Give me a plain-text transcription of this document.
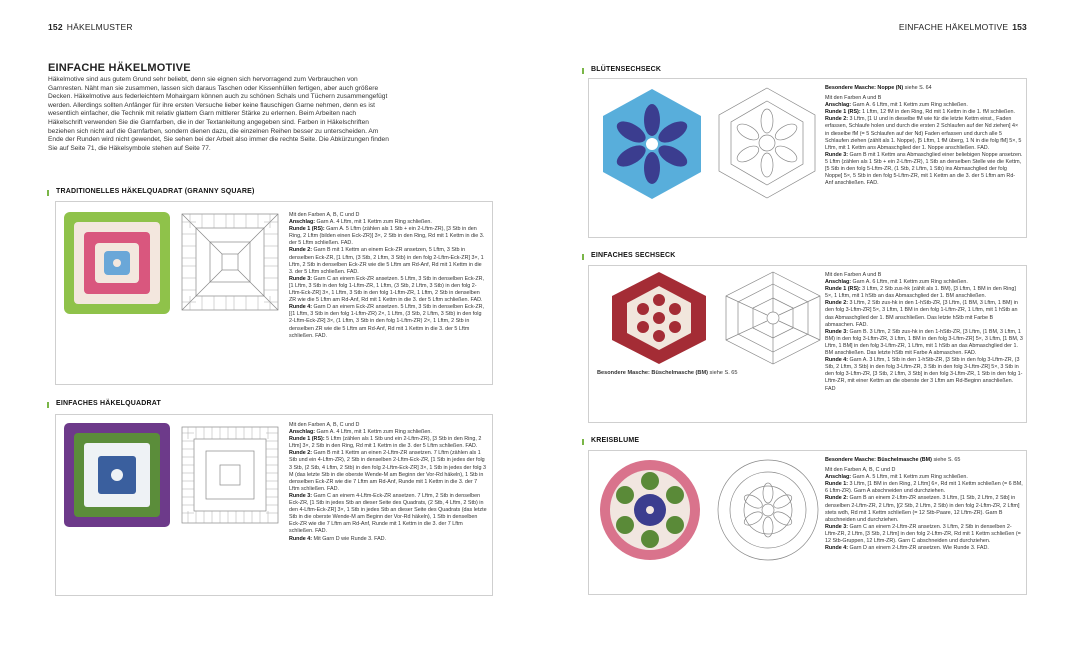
152 HÄKELMUSTER
EINFACHE HÄKELMOTIVE
Häkelmotive sind aus gutem Grund sehr beliebt, denn sie eignen sich hervorragend zum Verbrauchen von Garnresten. Näht man sie zusammen, lassen sich daraus Taschen oder Kissenhüllen fertigen, aber auch größere Decken. Häkelmotive aus federleichtem Mohairgarn können auch zu schönen Schals und Tüchern zusammengefügt werden. Allerdings sollten Anfänger für ihre ersten Versuche lieber keine flauschigen Garne nehmen, denn es ist wesentlich einfacher, die Technik mit relativ glattem Garn mittlerer Stärke zu erlernen. Beim Arbeiten nach Häkelschrift verwenden Sie die Garnfarben, die in der Textanleitung angegeben sind. Farben in Häkelschriften beziehen sich nicht auf die Garnfarben, sondern dienen dazu, die einzelnen Reihen besser zu unterscheiden. Am Ende der Runden wird nicht gewendet, Sie sehen bei der Arbeit also immer die rechte Seite. Die Abkürzungen finden Sie auf Seite 71, die Häkelsymbole stehen auf Seite 77.
TRADITIONELLES HÄKELQUADRAT (GRANNY SQUARE)

Mit den Farben A, B, C und D

Anschlag: Garn A. 4 Lftm, mit 1 Kettm zum Ring schließen.

Runde 1 (RS): Garn A. 5 Lftm (zählen als 1 Stb + ein 2-Lftm-ZR), [3 Stb in den Ring, 2 Lftm (bilden einen Eck-ZR)] 3×, 2 Stb in den Ring, Rd mit 1 Kettm in die 3. der 5 Lftm schließen. FAD.

Runde 2: Garn B mit 1 Kettm an einem Eck-ZR ansetzen, 5 Lftm, 3 Stb in denselben Eck-ZR, [1 Lftm, (3 Stb, 2 Lftm, 3 Stb) in den folg 2-Lftm-Eck-ZR] 3×, 1 Lftm, 2 Stb in denselben Eck-ZR wie die 5 Lftm am Rd-Anf, Rd mit 1 Kettm in die 3. der 5 Lftm schließen. FAD.

Runde 3: Garn C an einem Eck-ZR ansetzen. 5 Lftm, 3 Stb in denselben Eck-ZR, [1 Lftm, 3 Stb in den folg 1-Lftm-ZR, 1 Lftm, (3 Stb, 2 Lftm, 3 Stb) in den folg 2-Lftm-Eck-ZR] 3×, 1 Lftm, 3 Stb in den folg 1-Lftm-ZR, 1 Lftm, 2 Stb in denselben ZR wie die 5 Lftm am Rd-Anf, Rd mit 1 Kettm in die 3. der 5 Lftm schließen. FAD.

Runde 4: Garn D an einem Eck-ZR ansetzen. 5 Lftm, 3 Stb in denselben Eck-ZR, [(1 Lftm, 3 Stb in den folg 1-Lftm-ZR) 2×, 1 Lftm, (3 Stb, 2 Lftm, 3 Stb) in den folg 2-Lftm-Eck-ZR] 3×, (1 Lftm, 3 Stb in den folg 1-Lftm-ZR) 2×, 1 Lftm, 2 Stb in denselben ZR wie die 5 Lftm am Rd-Anf, Rd mit 1 Kettm in die 3. der 5 Lftm schließen. FAD.

EINFACHES HÄKELQUADRAT

Mit den Farben A, B, C und D

Anschlag: Garn A. 4 Lftm, mit 1 Kettm zum Ring schließen.

Runde 1 (RS): 5 Lftm (zählen als 1 Stb und ein 2-Lftm-ZR), [3 Stb in den Ring, 2 Lftm] 3×, 2 Stb in den Ring, Rd mit 1 Kettm in die 3. der 5 Lftm schließen. FAD.

Runde 2: Garn B mit 1 Kettm an einen 2-Lftm-ZR ansetzen. 7 Lftm (zählen als 1 Stb und ein 4-Lftm-ZR), 2 Stb in denselben 2-Lftm-Eck-ZR, [1 Stb in jedes der folg 3 Stb, (2 Stb, 4 Lftm, 2 Stb) in den folg 2-Lftm-Eck-ZR] 3×, 1 Stb in jedes der folg 3 M (das letzte Stb in die oberste Wende-M am Beginn der Vor-Rd häkeln), 1 Stb in denselben Eck-ZR wie die 7 Lftm am Rd-Anf, Runde mit 1 Kettm in die 3. der 7 Lftm schließen. FAD.

Runde 3: Garn C an einem 4-Lftm-Eck-ZR ansetzen. 7 Lftm, 2 Stb in denselben Eck-ZR, [1 Stb in jedes Stb an dieser Seite des Quadrats, (2 Stb, 4 Lftm, 2 Stb) in den 4-Lftm-Eck-ZR] 3×, 1 Stb in jedes Stb an dieser Seite des Quadrats (das letzte Stb in die oberste Wende-M am Beginn der Vor-Rd häkeln), 1 Stb in denselben Eck-ZR wie die 7 Lftm am Rd-Anf, Runde mit 1 Kettm in die 3. der 7 Lftm schließen. FAD.

Runde 4: Mit Garn D wie Runde 3. FAD.

EINFACHE HÄKELMOTIVE 153
BLÜTENSECHSECK

Besondere Masche: Noppe (N) siehe S. 64

Mit den Farben A und B

Anschlag: Garn A. 6 Lftm, mit 1 Kettm zum Ring schließen.

Runde 1 (RS): 1 Lftm, 12 fM in den Ring, Rd mit 1 Kettm in die 1. fM schließen.

Runde 2: 3 Lftm, [1 U und in dieselbe fM wie für die letzte Kettm einst., Faden erfassen, Schlaufe holen und durch die ersten 2 Schlaufen auf der Nd ziehen] 4× in dieselbe fM (= 5 Schlaufen auf der Nd) Faden erfassen und durch alle 5 Schlaufen ziehen (zählt als 1. Noppe), [5 Lftm, 1 fM überg, 1 N in die folg fM] 5×, 5 Lftm, mit 1 Kettm ans Abmaschglied der 1. Noppe anschließen. FAD.

Runde 3: Garn B mit 1 Kettm ans Abmaschglied einer beliebigen Noppe ansetzen. 5 Lftm (zählen als 1 Stb + ein 2-Lftm-ZR), 1 Stb an derselben Stelle wie die Kettm, [5 Stb in den folg 5-Lftm-ZR, (1 Stb, 2 Lftm, 1 Stb) ins Abmaschglied der folg Noppe] 5×, 5 Stb in den folg 5-Lftm-ZR, mit 1 Kettm an die 3. der 5 Lftm am Rd-Anf anschließen. FAD.

EINFACHES SECHSECK
Besondere Masche: Büschelmasche (BM) siehe S. 65

Mit den Farben A und B

Anschlag: Garn A. 6 Lftm, mit 1 Kettm zum Ring schließen.

Runde 1 (RS): 3 Lftm, 2 Stb zus-hk (zählt als 1. BM), [3 Lftm, 1 BM in den Ring] 5×, 1 Lftm, mit 1 hStb an das Abmaschglied der 1. BM anschließen.

Runde 2: 3 Lftm, 2 Stb zus-hk in den 1-hStb-ZR, [3 Lftm, (1 BM, 3 Lftm, 1 BM) in den folg 3-Lftm-ZR] 5×, 3 Lftm, 1 BM in den folg 1-Lftm-ZR, 1 Lftm, mit 1 hStb an das Abmaschglied der 1. BM anschließen. Das letzte hStb mit Farbe B abmaschen. FAD.

Runde 3: Garn B. 3 Lftm, 2 Stb zus-hk in den 1-hStb-ZR, [3 Lftm, (1 BM, 3 Lftm, 1 BM) in den folg 3-Lftm-ZR, 3 Lftm, 1 BM in den folg 3-Lftm-ZR] 5×, 3 Lftm, [1 BM, 3 Lftm, 1 BM] in den folg 3-Lftm-ZR, 1 Lftm, mit 1 hStb an das Abmaschglied der 1. BM anschließen. Das letzte hStb mit Farbe A abmaschen. FAD.

Runde 4: Garn A. 3 Lftm, 1 Stb in den 1-hStb-ZR, [3 Stb in den folg 3-Lftm-ZR, (3 Stb, 2 Lftm, 3 Stb) in den folg 3-Lftm-ZR, 3 Stb in den folg 3-Lftm-ZR] 5×, 3 Stb in den folg 3-Lftm-ZR, [3 Stb, 2 Lftm, 3 Stb] in den folg 3-Lftm-ZR, 1 Stb in den folg 1-Lftm-ZR, mit einer Kettm an die oberste der 3 Lftm am Rd-Beginn anschließen. FAD

KREISBLUME

Besondere Masche: Büschelmasche (BM) siehe S. 65

Mit den Farben A, B, C und D

Anschlag: Garn A. 5 Lftm, mit 1 Kettm zum Ring schließen.

Runde 1: 3 Lftm, [1 BM in den Ring, 2 Lftm] 6×, Rd mit 1 Kettm schließen (= 6 BM, 6 Lftm-ZR). Garn A abschneiden und durchziehen.

Runde 2: Garn B an einem 2-Lftm-ZR ansetzen. 3 Lftm, [1 Stb, 2 Lftm, 2 Stb] in denselben 2-Lftm-ZR, 2 Lftm, [(2 Stb, 2 Lftm, 2 Stb) in den folg 2-Lftm-ZR, 2 Lftm] stets wdh, Rd mit 1 Kettm schließen (= 12 Stb-Paare, 12 Lftm-ZR). Garn B abschneiden und durchziehen.

Runde 3: Garn C an einem 2-Lftm-ZR ansetzen. 3 Lftm, 2 Stb in denselben 2-Lftm-ZR, 2 Lftm, [3 Stb, 2 Lftm] in den folg 2-Lftm-ZR, Rd mit 1 Kettm schließen (= 12 Stb-Gruppen, 12 Lftm-ZR). Garn C abschneiden und durchziehen.

Runde 4: Garn D an einem 2-Lftm-ZR ansetzen. Wie Runde 3. FAD.
